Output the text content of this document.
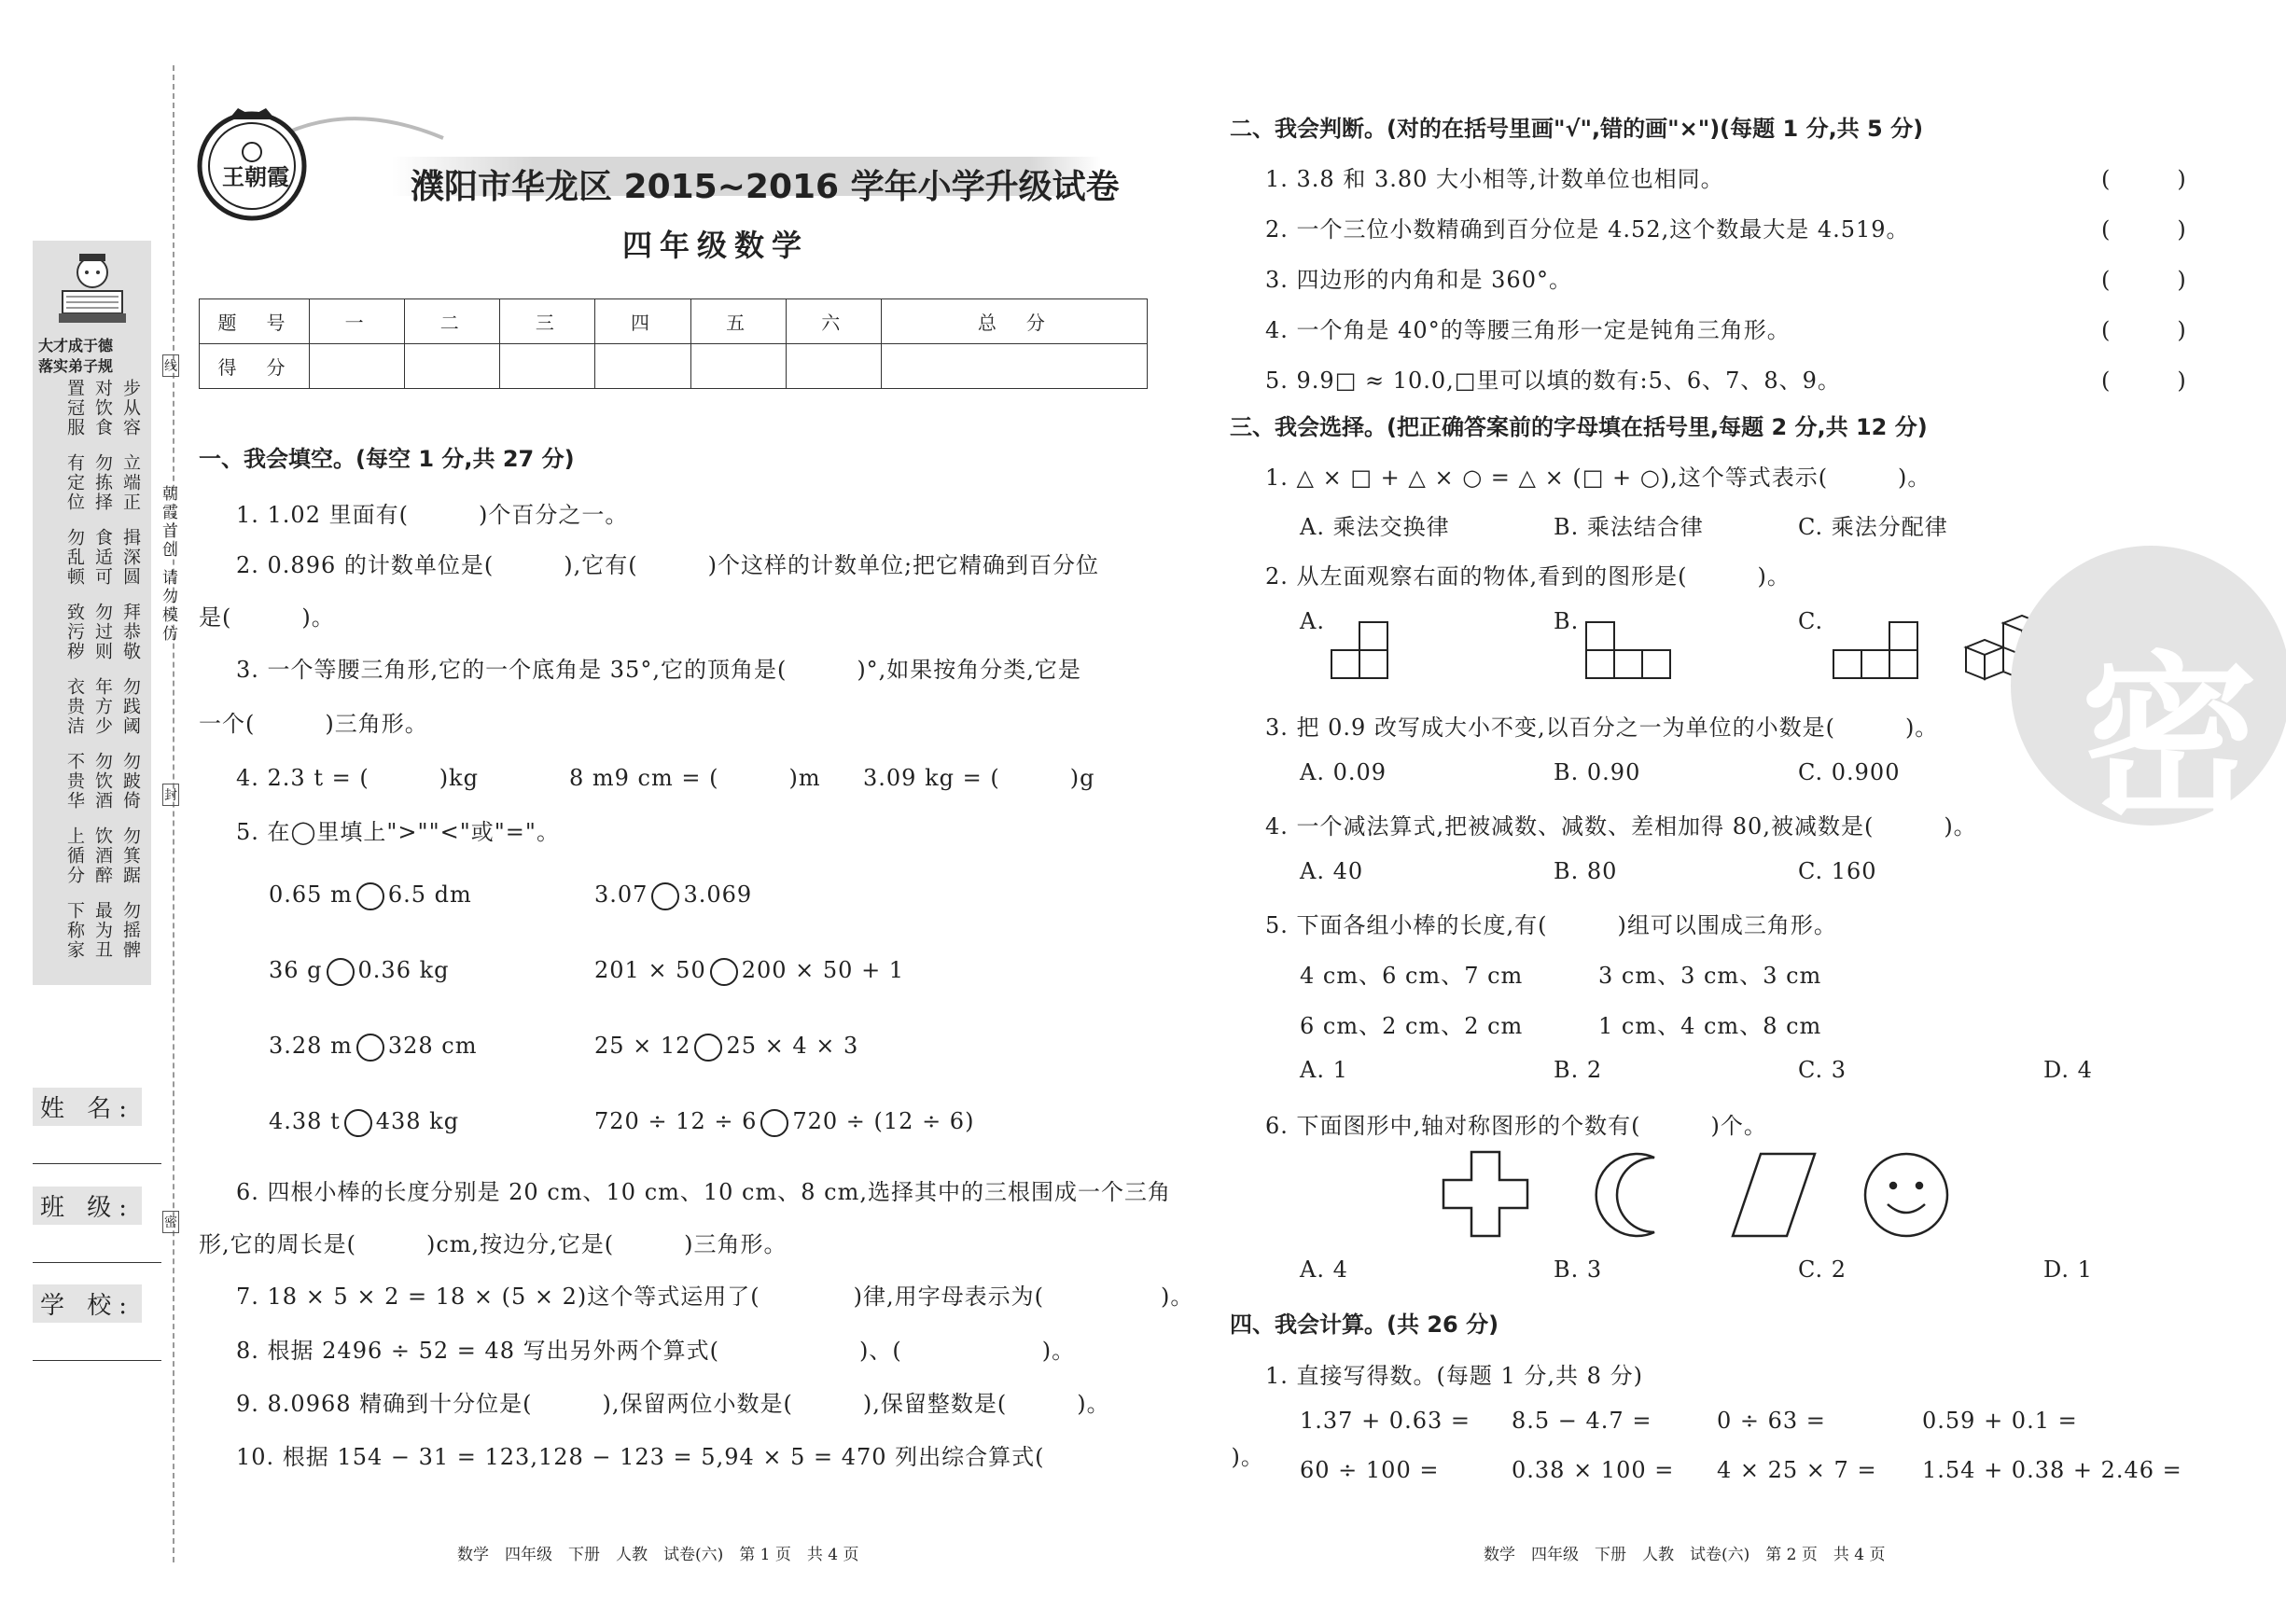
大才成于德
落实弟子规
步从容
对饮食
置冠服
立端正
勿拣择
有定位
揖深圆
食适可
勿乱顿
拜恭敬
勿过则
致污秽
勿践阈
年方少
衣贵洁
勿跛倚
勿饮酒
不贵华
勿箕踞
饮酒醉
上循分
勿摇髀
最为丑
下称家
姓 名:
班 级:
学 校:
线
封
密
朝霞首创
请勿模仿
王朝霞	濮阳市华龙区 2015~2016 学年小学升级试卷
四年级数学
题　号	一	二	三	四	五	六	总　分
得　分							
一、我会填空。(每空 1 分,共 27 分)
1. 1.02 里面有(　　　)个百分之一。
2. 0.896 的计数单位是(　　　),它有(　　　)个这样的计数单位;把它精确到百分位
是(　　　)。
3. 一个等腰三角形,它的一个底角是 35°,它的顶角是(　　　)°,如果按角分类,它是
一个(　　　)三角形。
4. 2.3 t = (　　　)kg	8 m9 cm = (　　　)m 3.09 kg = (　　　)g
5. 在◯里填上">""<"或"="。
0.65 m 6.5 dm	3.07 3.069
36 g 0.36 kg	201 × 50 200 × 50 + 1
3.28 m 328 cm	25 × 12 25 × 4 × 3
4.38 t 438 kg	720 ÷ 12 ÷ 6 720 ÷ (12 ÷ 6)
6. 四根小棒的长度分别是 20 cm、10 cm、10 cm、8 cm,选择其中的三根围成一个三角
形,它的周长是(　　　)cm,按边分,它是(　　　)三角形。
7. 18 × 5 × 2 = 18 × (5 × 2)这个等式运用了(　　　　)律,用字母表示为(　　　　　)。
8. 根据 2496 ÷ 52 = 48 写出另外两个算式(　　　　　　)、(　　　　　　)。
9. 8.0968 精确到十分位是(　　　),保留两位小数是(　　　),保留整数是(　　　)。
10. 根据 154 − 31 = 123,128 − 123 = 5,94 × 5 = 470 列出综合算式(　　　　　　　　)。
二、我会判断。(对的在括号里画"√",错的画"×")(每题 1 分,共 5 分)
1. 3.8 和 3.80 大小相等,计数单位也相同。	(　　　)
2. 一个三位小数精确到百分位是 4.52,这个数最大是 4.519。	(　　　)
3. 四边形的内角和是 360°。	(　　　)
4. 一个角是 40°的等腰三角形一定是钝角三角形。	(　　　)
5. 9.9□ ≈ 10.0,□里可以填的数有:5、6、7、8、9。	(　　　)
三、我会选择。(把正确答案前的字母填在括号里,每题 2 分,共 12 分)
1. △ × □ + △ × ○ = △ × (□ + ○),这个等式表示(　　　)。
A. 乘法交换律	B. 乘法结合律	C. 乘法分配律
2. 从左面观察右面的物体,看到的图形是(　　　)。
A.	B.	C.
3. 把 0.9 改写成大小不变,以百分之一为单位的小数是(　　　)。
A. 0.09	B. 0.90	C. 0.900
4. 一个减法算式,把被减数、减数、差相加得 80,被减数是(　　　)。
A. 40	B. 80	C. 160
5. 下面各组小棒的长度,有(　　　)组可以围成三角形。
4 cm、6 cm、7 cm	3 cm、3 cm、3 cm
6 cm、2 cm、2 cm	1 cm、4 cm、8 cm
A. 1	B. 2	C. 3	D. 4
6. 下面图形中,轴对称图形的个数有(　　　)个。
A. 4	B. 3	C. 2	D. 1
四、我会计算。(共 26 分)
1. 直接写得数。(每题 1 分,共 8 分)
1.37 + 0.63 = 8.5 − 4.7 =	0 ÷ 63 =	0.59 + 0.1 =
60 ÷ 100 =	0.38 × 100 = 4 × 25 × 7 = 1.54 + 0.38 + 2.46 =
密
数学　四年级　下册　人教　试卷(六)　第 1 页　共 4 页	数学　四年级　下册　人教　试卷(六)　第 2 页　共 4 页
